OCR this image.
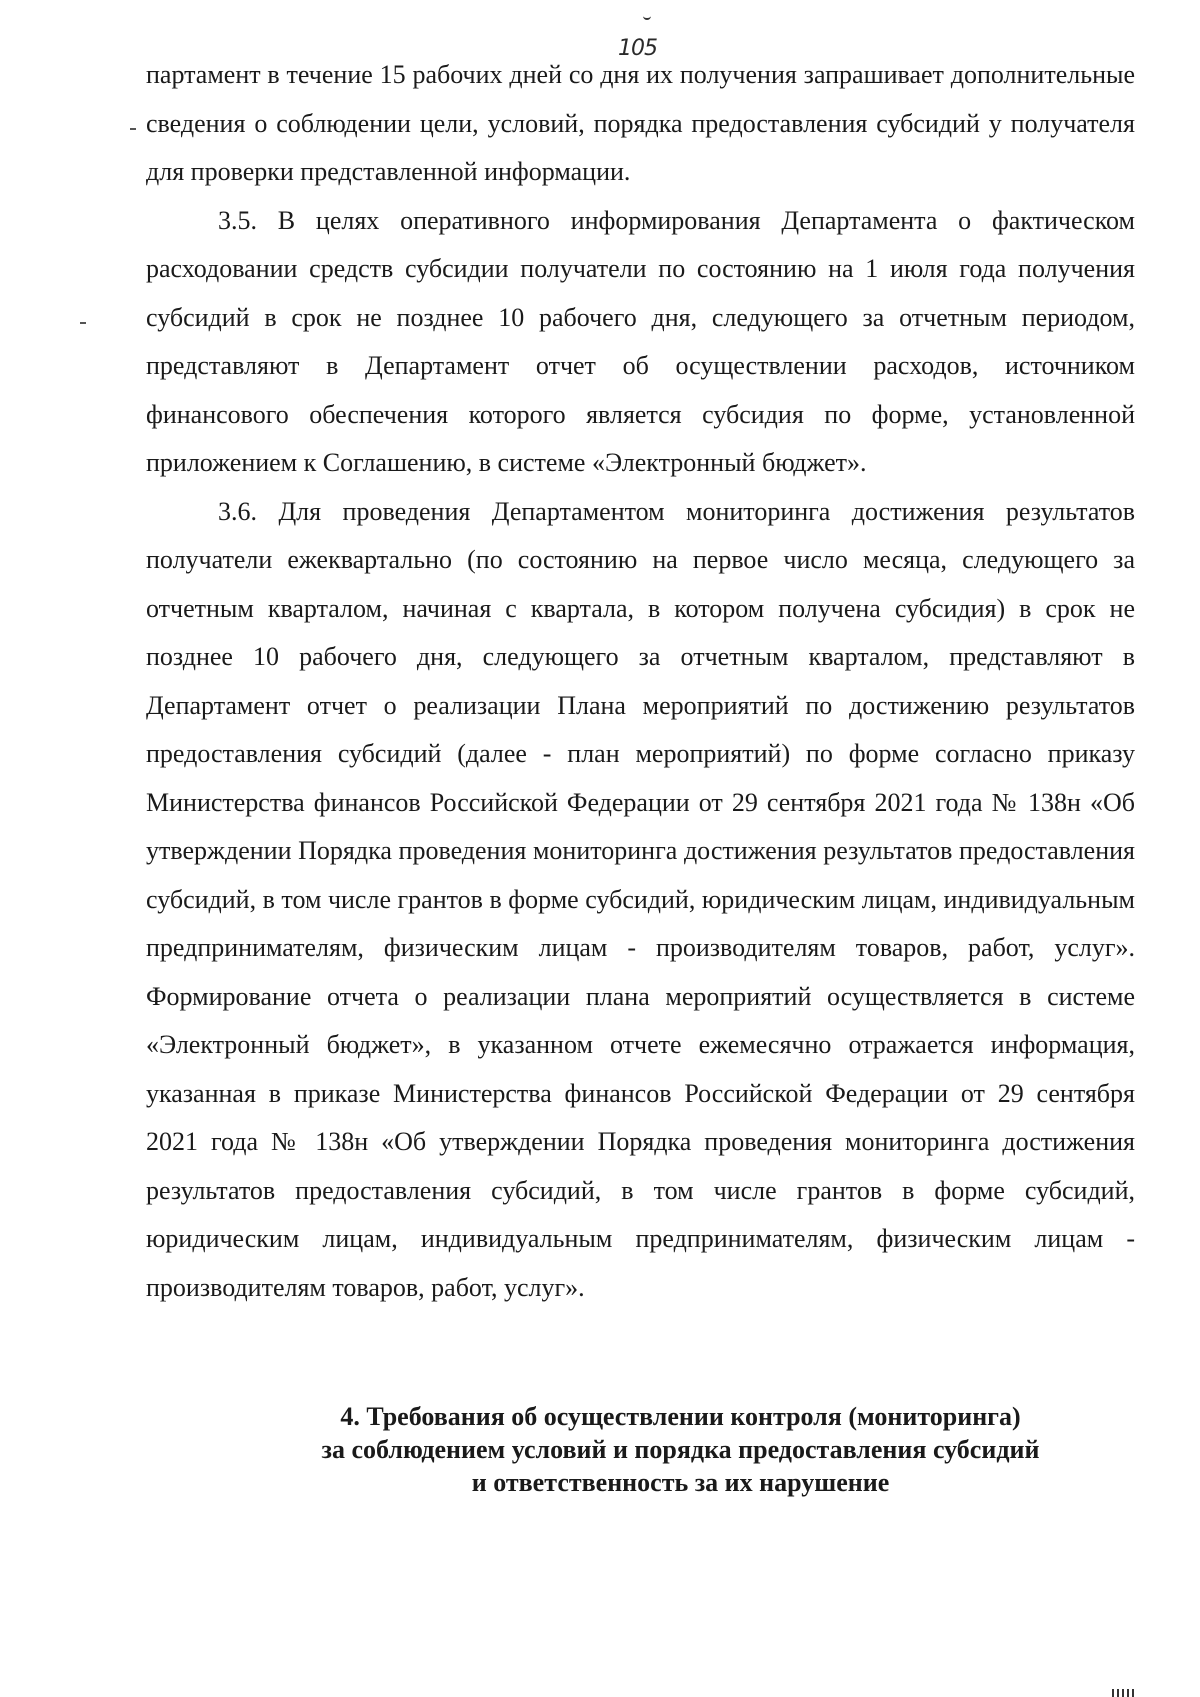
105

партамент в течение 15 рабочих дней со дня их получения запрашивает дополнительные сведения о соблюдении цели, условий, порядка предоставления субсидий у получателя для проверки представленной информации.

3.5. В целях оперативного информирования Департамента о фактическом расходовании средств субсидии получатели по состоянию на 1 июля года получения субсидий в срок не позднее 10 рабочего дня, следующего за отчетным периодом, представляют в Департамент отчет об осуществлении расходов, источником финансового обеспечения которого является субсидия по форме, установленной приложением к Соглашению, в системе «Электронный бюджет».

3.6. Для проведения Департаментом мониторинга достижения результатов получатели ежеквартально (по состоянию на первое число месяца, следующего за отчетным кварталом, начиная с квартала, в котором получена субсидия) в срок не позднее 10 рабочего дня, следующего за отчетным кварталом, представляют в Департамент отчет о реализации Плана мероприятий по достижению результатов предоставления субсидий (далее - план мероприятий) по форме согласно приказу Министерства финансов Российской Федерации от 29 сентября 2021 года № 138н «Об утверждении Порядка проведения мониторинга достижения результатов предоставления субсидий, в том числе грантов в форме субсидий, юридическим лицам, индивидуальным предпринимателям, физическим лицам - производителям товаров, работ, услуг». Формирование отчета о реализации плана мероприятий осуществляется в системе «Электронный бюджет», в указанном отчете ежемесячно отражается информация, указанная в приказе Министерства финансов Российской Федерации от 29 сентября 2021 года № 138н «Об утверждении Порядка проведения мониторинга достижения результатов предоставления субсидий, в том числе грантов в форме субсидий, юридическим лицам, индивидуальным предпринимателям, физическим лицам - производителям товаров, работ, услуг».

4. Требования об осуществлении контроля (мониторинга)
за соблюдением условий и порядка предоставления субсидий
и ответственность за их нарушение
